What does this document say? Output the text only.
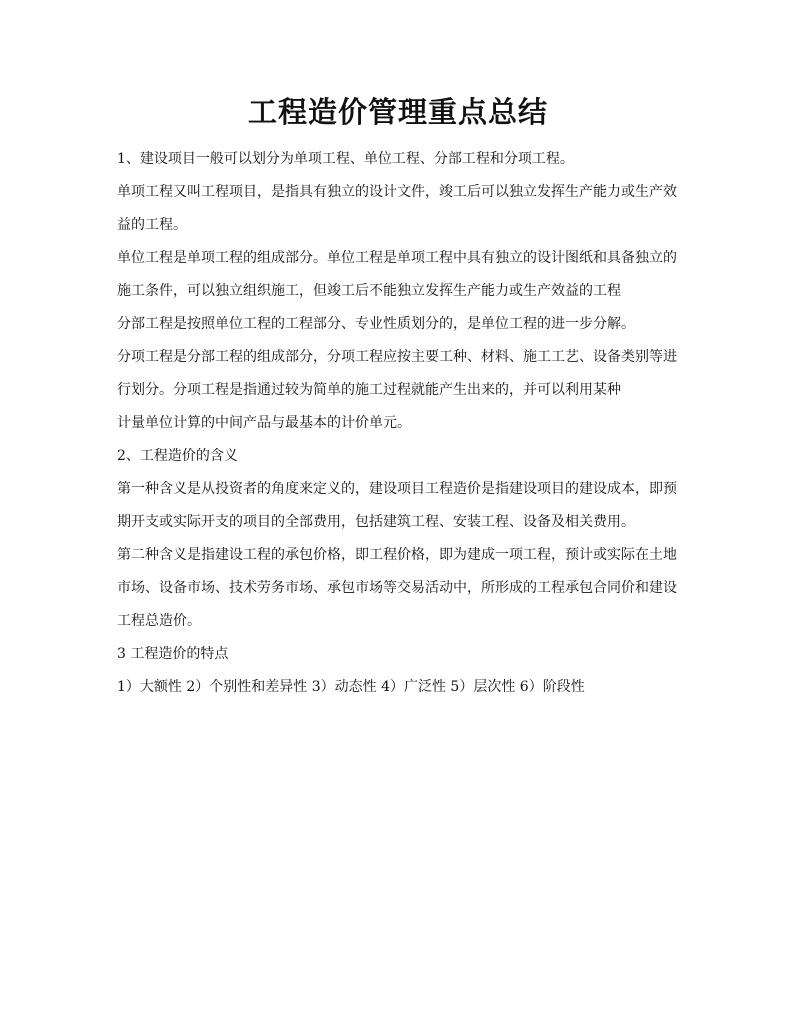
工程造价管理重点总结

1、建设项目一般可以划分为单项工程、单位工程、分部工程和分项工程。

单项工程又叫工程项目，是指具有独立的设计文件，竣工后可以独立发挥生产能力或生产效

益的工程。

单位工程是单项工程的组成部分。单位工程是单项工程中具有独立的设计图纸和具备独立的

施工条件，可以独立组织施工，但竣工后不能独立发挥生产能力或生产效益的工程

分部工程是按照单位工程的工程部分、专业性质划分的，是单位工程的进一步分解。

分项工程是分部工程的组成部分，分项工程应按主要工种、材料、施工工艺、设备类别等进

行划分。分项工程是指通过较为简单的施工过程就能产生出来的，并可以利用某种

计量单位计算的中间产品与最基本的计价单元。

2、工程造价的含义

第一种含义是从投资者的角度来定义的，建设项目工程造价是指建设项目的建设成本，即预

期开支或实际开支的项目的全部费用，包括建筑工程、安装工程、设备及相关费用。

第二种含义是指建设工程的承包价格，即工程价格，即为建成一项工程，预计或实际在土地

市场、设备市场、技术劳务市场、承包市场等交易活动中，所形成的工程承包合同价和建设

工程总造价。

3 工程造价的特点

1）大额性 2）个别性和差异性 3）动态性 4）广泛性 5）层次性 6）阶段性
